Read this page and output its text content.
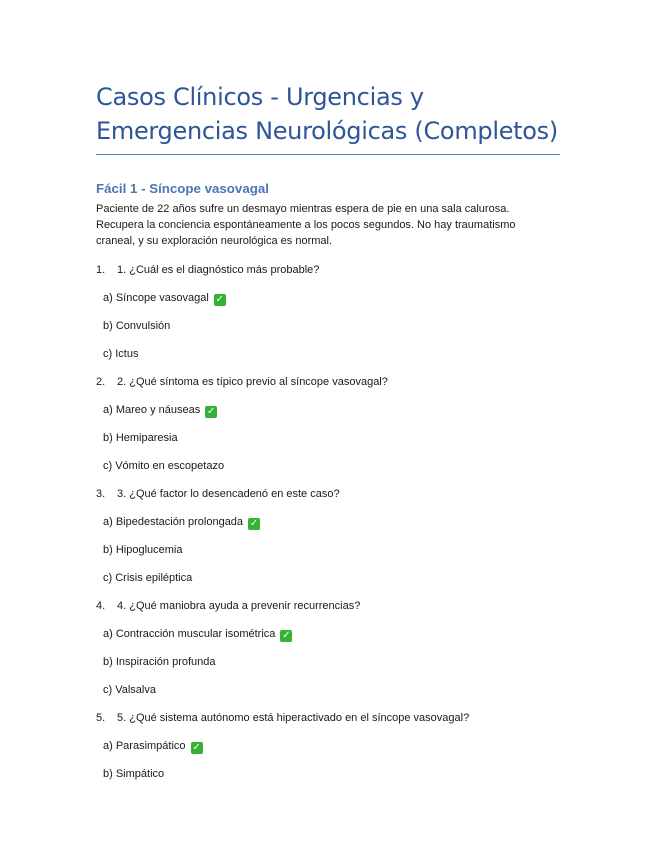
Casos Clínicos - Urgencias y
Emergencias Neurológicas (Completos)
Fácil 1 - Síncope vasovagal

Paciente de 22 años sufre un desmayo mientras espera de pie en una sala calurosa.
Recupera la conciencia espontáneamente a los pocos segundos. No hay traumatismo
craneal, y su exploración neurológica es normal.

1.	1. ¿Cuál es el diagnóstico más probable?

a) Síncope vasovagal ✓

b) Convulsión

c) Ictus

2.	2. ¿Qué síntoma es típico previo al síncope vasovagal?

a) Mareo y náuseas ✓

b) Hemiparesia

c) Vómito en escopetazo

3.	3. ¿Qué factor lo desencadenó en este caso?

a) Bipedestación prolongada ✓

b) Hipoglucemia

c) Crisis epiléptica

4.	4. ¿Qué maniobra ayuda a prevenir recurrencias?

a) Contracción muscular isométrica ✓

b) Inspiración profunda

c) Valsalva

5.	5. ¿Qué sistema autónomo está hiperactivado en el síncope vasovagal?

a) Parasimpático ✓

b) Simpático
